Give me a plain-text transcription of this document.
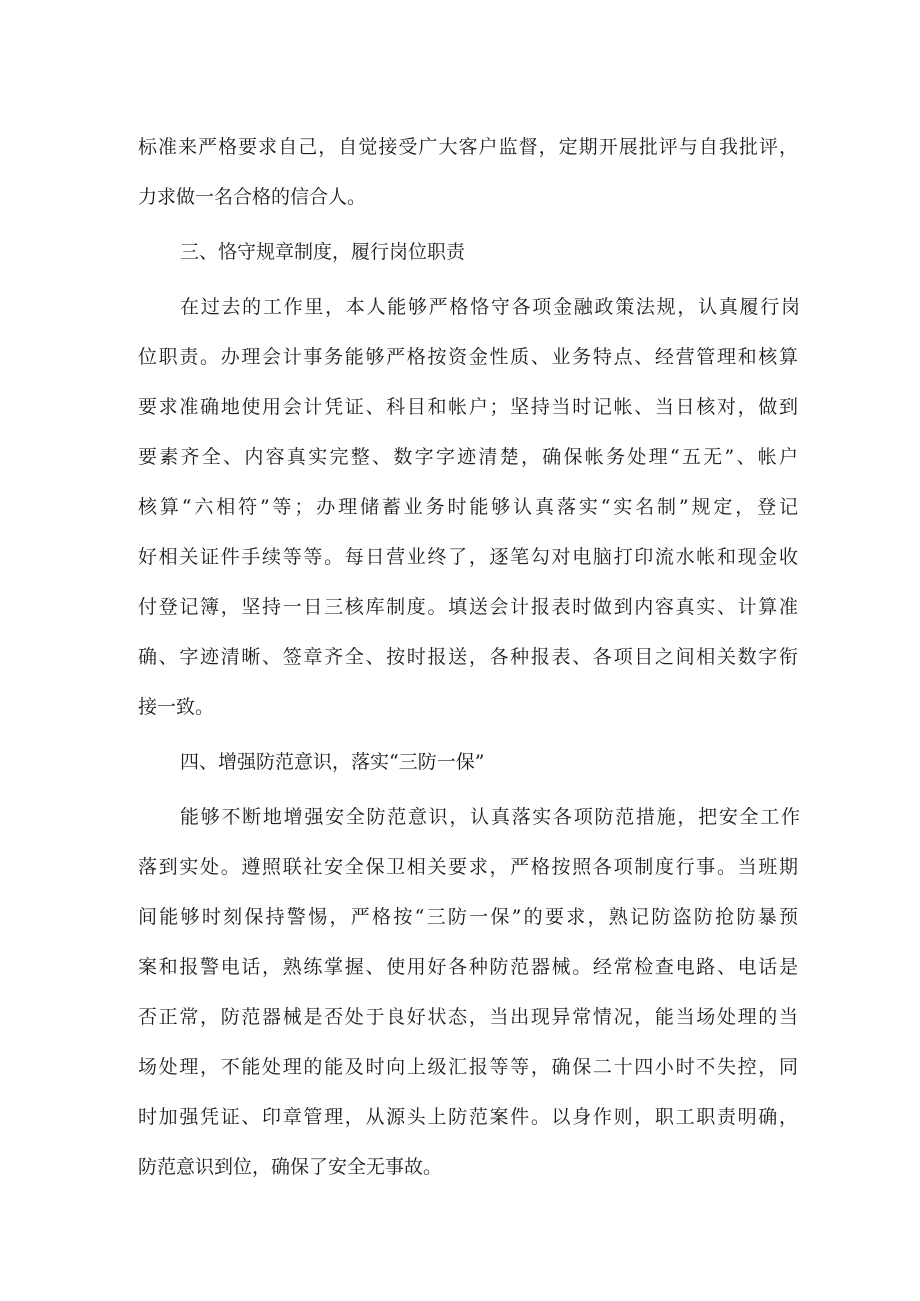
标准来严格要求自己，自觉接受广大客户监督，定期开展批评与自我批评，

力求做一名合格的信合人。

三、恪守规章制度，履行岗位职责

在过去的工作里，本人能够严格恪守各项金融政策法规，认真履行岗

位职责。办理会计事务能够严格按资金性质、业务特点、经营管理和核算

要求准确地使用会计凭证、科目和帐户；坚持当时记帐、当日核对，做到

要素齐全、内容真实完整、数字字迹清楚，确保帐务处理“五无”、帐户

核算“六相符”等；办理储蓄业务时能够认真落实“实名制”规定，登记

好相关证件手续等等。每日营业终了，逐笔勾对电脑打印流水帐和现金收

付登记簿，坚持一日三核库制度。填送会计报表时做到内容真实、计算准

确、字迹清晰、签章齐全、按时报送，各种报表、各项目之间相关数字衔

接一致。

四、增强防范意识，落实“三防一保”

能够不断地增强安全防范意识，认真落实各项防范措施，把安全工作

落到实处。遵照联社安全保卫相关要求，严格按照各项制度行事。当班期

间能够时刻保持警惕，严格按“三防一保”的要求，熟记防盗防抢防暴预

案和报警电话，熟练掌握、使用好各种防范器械。经常检查电路、电话是

否正常，防范器械是否处于良好状态，当出现异常情况，能当场处理的当

场处理，不能处理的能及时向上级汇报等等，确保二十四小时不失控，同

时加强凭证、印章管理，从源头上防范案件。以身作则，职工职责明确，

防范意识到位，确保了安全无事故。
